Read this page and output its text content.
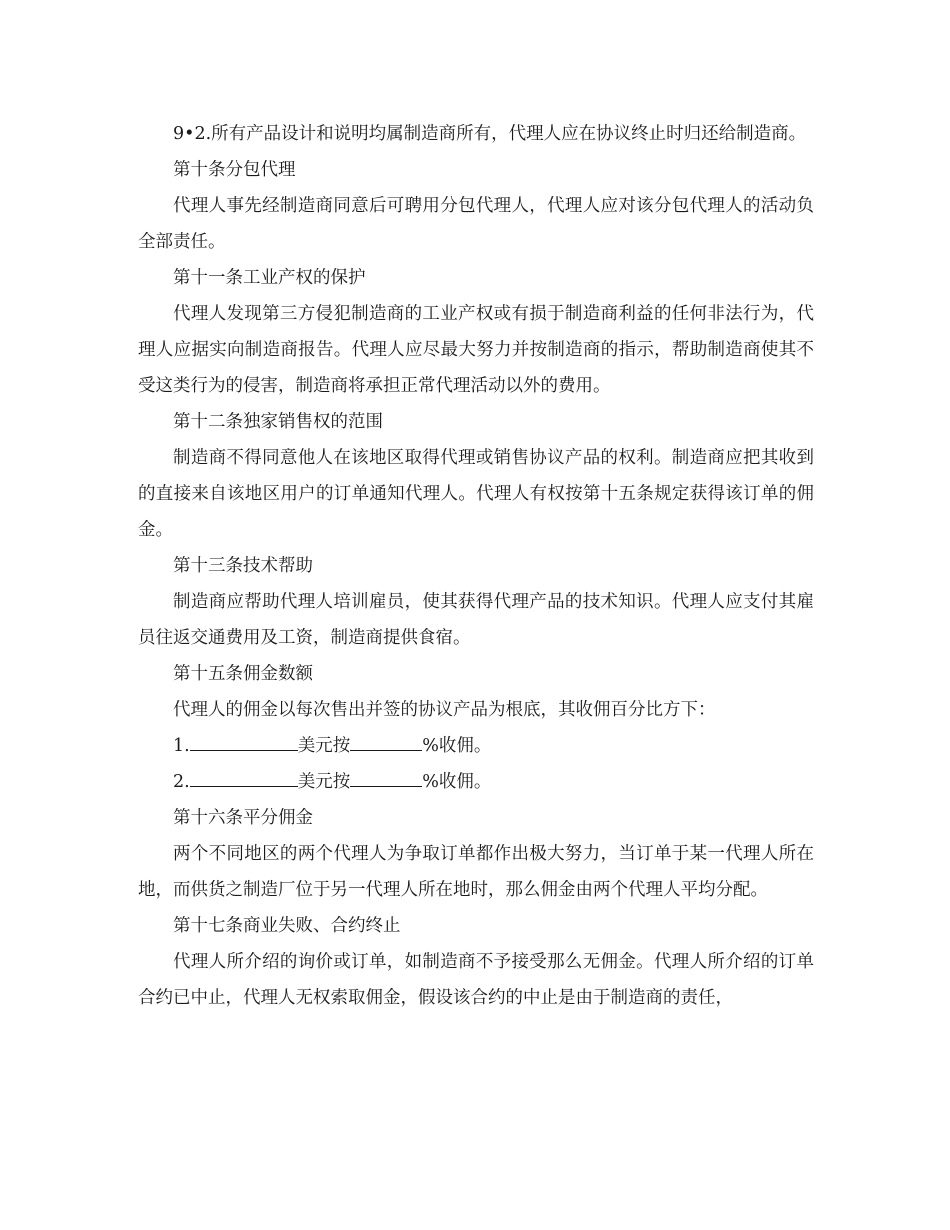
9•2.所有产品设计和说明均属制造商所有，代理人应在协议终止时归还给制造商。

第十条分包代理

代理人事先经制造商同意后可聘用分包代理人，代理人应对该分包代理人的活动负全部责任。

第十一条工业产权的保护

代理人发现第三方侵犯制造商的工业产权或有损于制造商利益的任何非法行为，代理人应据实向制造商报告。代理人应尽最大努力并按制造商的指示，帮助制造商使其不受这类行为的侵害，制造商将承担正常代理活动以外的费用。

第十二条独家销售权的范围

制造商不得同意他人在该地区取得代理或销售协议产品的权利。制造商应把其收到的直接来自该地区用户的订单通知代理人。代理人有权按第十五条规定获得该订单的佣金。

第十三条技术帮助

制造商应帮助代理人培训雇员，使其获得代理产品的技术知识。代理人应支付其雇员往返交通费用及工资，制造商提供食宿。

第十五条佣金数额

代理人的佣金以每次售出并签的协议产品为根底，其收佣百分比方下：

1.	美元按	%收佣。

2.	美元按	%收佣。

第十六条平分佣金

两个不同地区的两个代理人为争取订单都作出极大努力，当订单于某一代理人所在地，而供货之制造厂位于另一代理人所在地时，那么佣金由两个代理人平均分配。

第十七条商业失败、合约终止

代理人所介绍的询价或订单，如制造商不予接受那么无佣金。代理人所介绍的订单合约已中止，代理人无权索取佣金，假设该合约的中止是由于制造商的责任，
